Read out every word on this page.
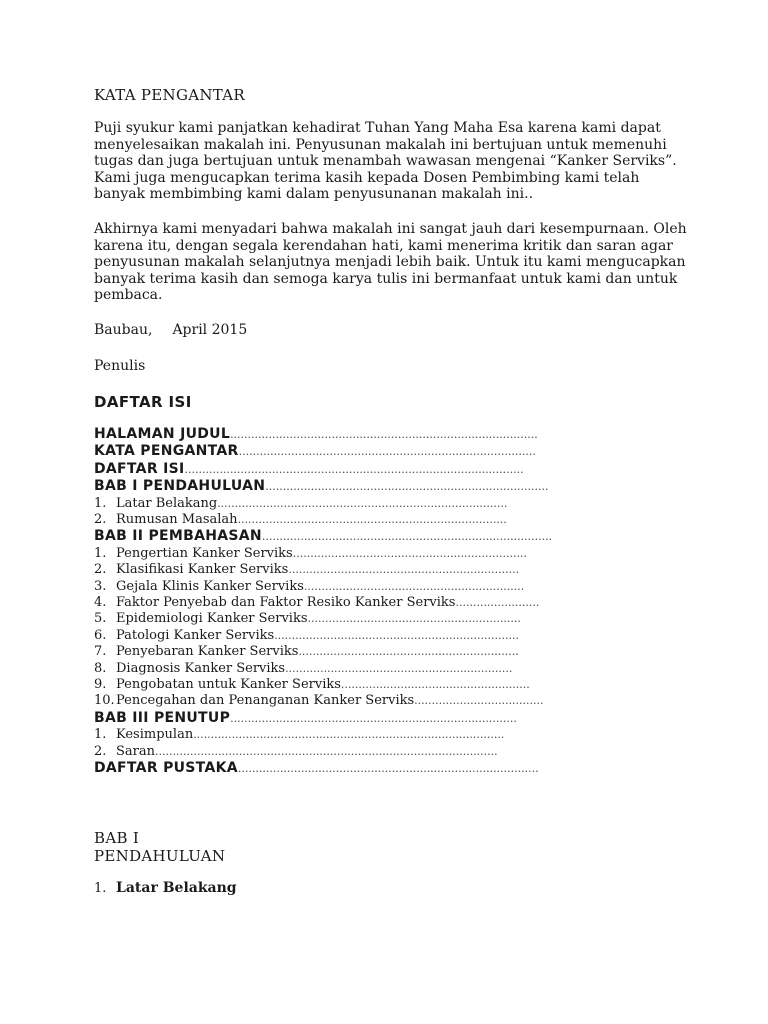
KATA PENGANTAR

Puji syukur kami panjatkan kehadirat Tuhan Yang Maha Esa karena kami dapat menyelesaikan makalah ini. Penyusunan makalah ini bertujuan untuk memenuhi tugas dan juga bertujuan untuk menambah wawasan mengenai “Kanker Serviks”. Kami juga mengucapkan terima kasih kepada Dosen Pembimbing kami telah banyak membimbing kami dalam penyusunanan makalah ini..

Akhirnya kami menyadari bahwa makalah ini sangat jauh dari kesempurnaan. Oleh karena itu, dengan segala kerendahan hati, kami menerima kritik dan saran agar penyusunan makalah selanjutnya menjadi lebih baik. Untuk itu kami mengucapkan banyak terima kasih dan semoga karya tulis ini bermanfaat untuk kami dan untuk pembaca.

Baubau, April 2015

Penulis

DAFTAR ISI
HALAMAN JUDUL........................................................................................
KATA PENGANTAR.....................................................................................
DAFTAR ISI.................................................................................................
BAB I PENDAHULUAN.................................................................................
1. Latar Belakang...................................................................................
2. Rumusan Masalah.............................................................................
BAB II PEMBAHASAN...................................................................................
1. Pengertian Kanker Serviks...................................................................
2. Klasifikasi Kanker Serviks..................................................................
3. Gejala Klinis Kanker Serviks...............................................................
4. Faktor Penyebab dan Faktor Resiko Kanker Serviks........................
5. Epidemiologi Kanker Serviks.............................................................
6. Patologi Kanker Serviks......................................................................
7. Penyebaran Kanker Serviks...............................................................
8. Diagnosis Kanker Serviks.................................................................
9. Pengobatan untuk Kanker Serviks......................................................
10.Pencegahan dan Penanganan Kanker Serviks.....................................
BAB III PENUTUP..................................................................................
1. Kesimpulan.........................................................................................
2. Saran..................................................................................................
DAFTAR PUSTAKA......................................................................................
BAB I
PENDAHULUAN

1. Latar Belakang
